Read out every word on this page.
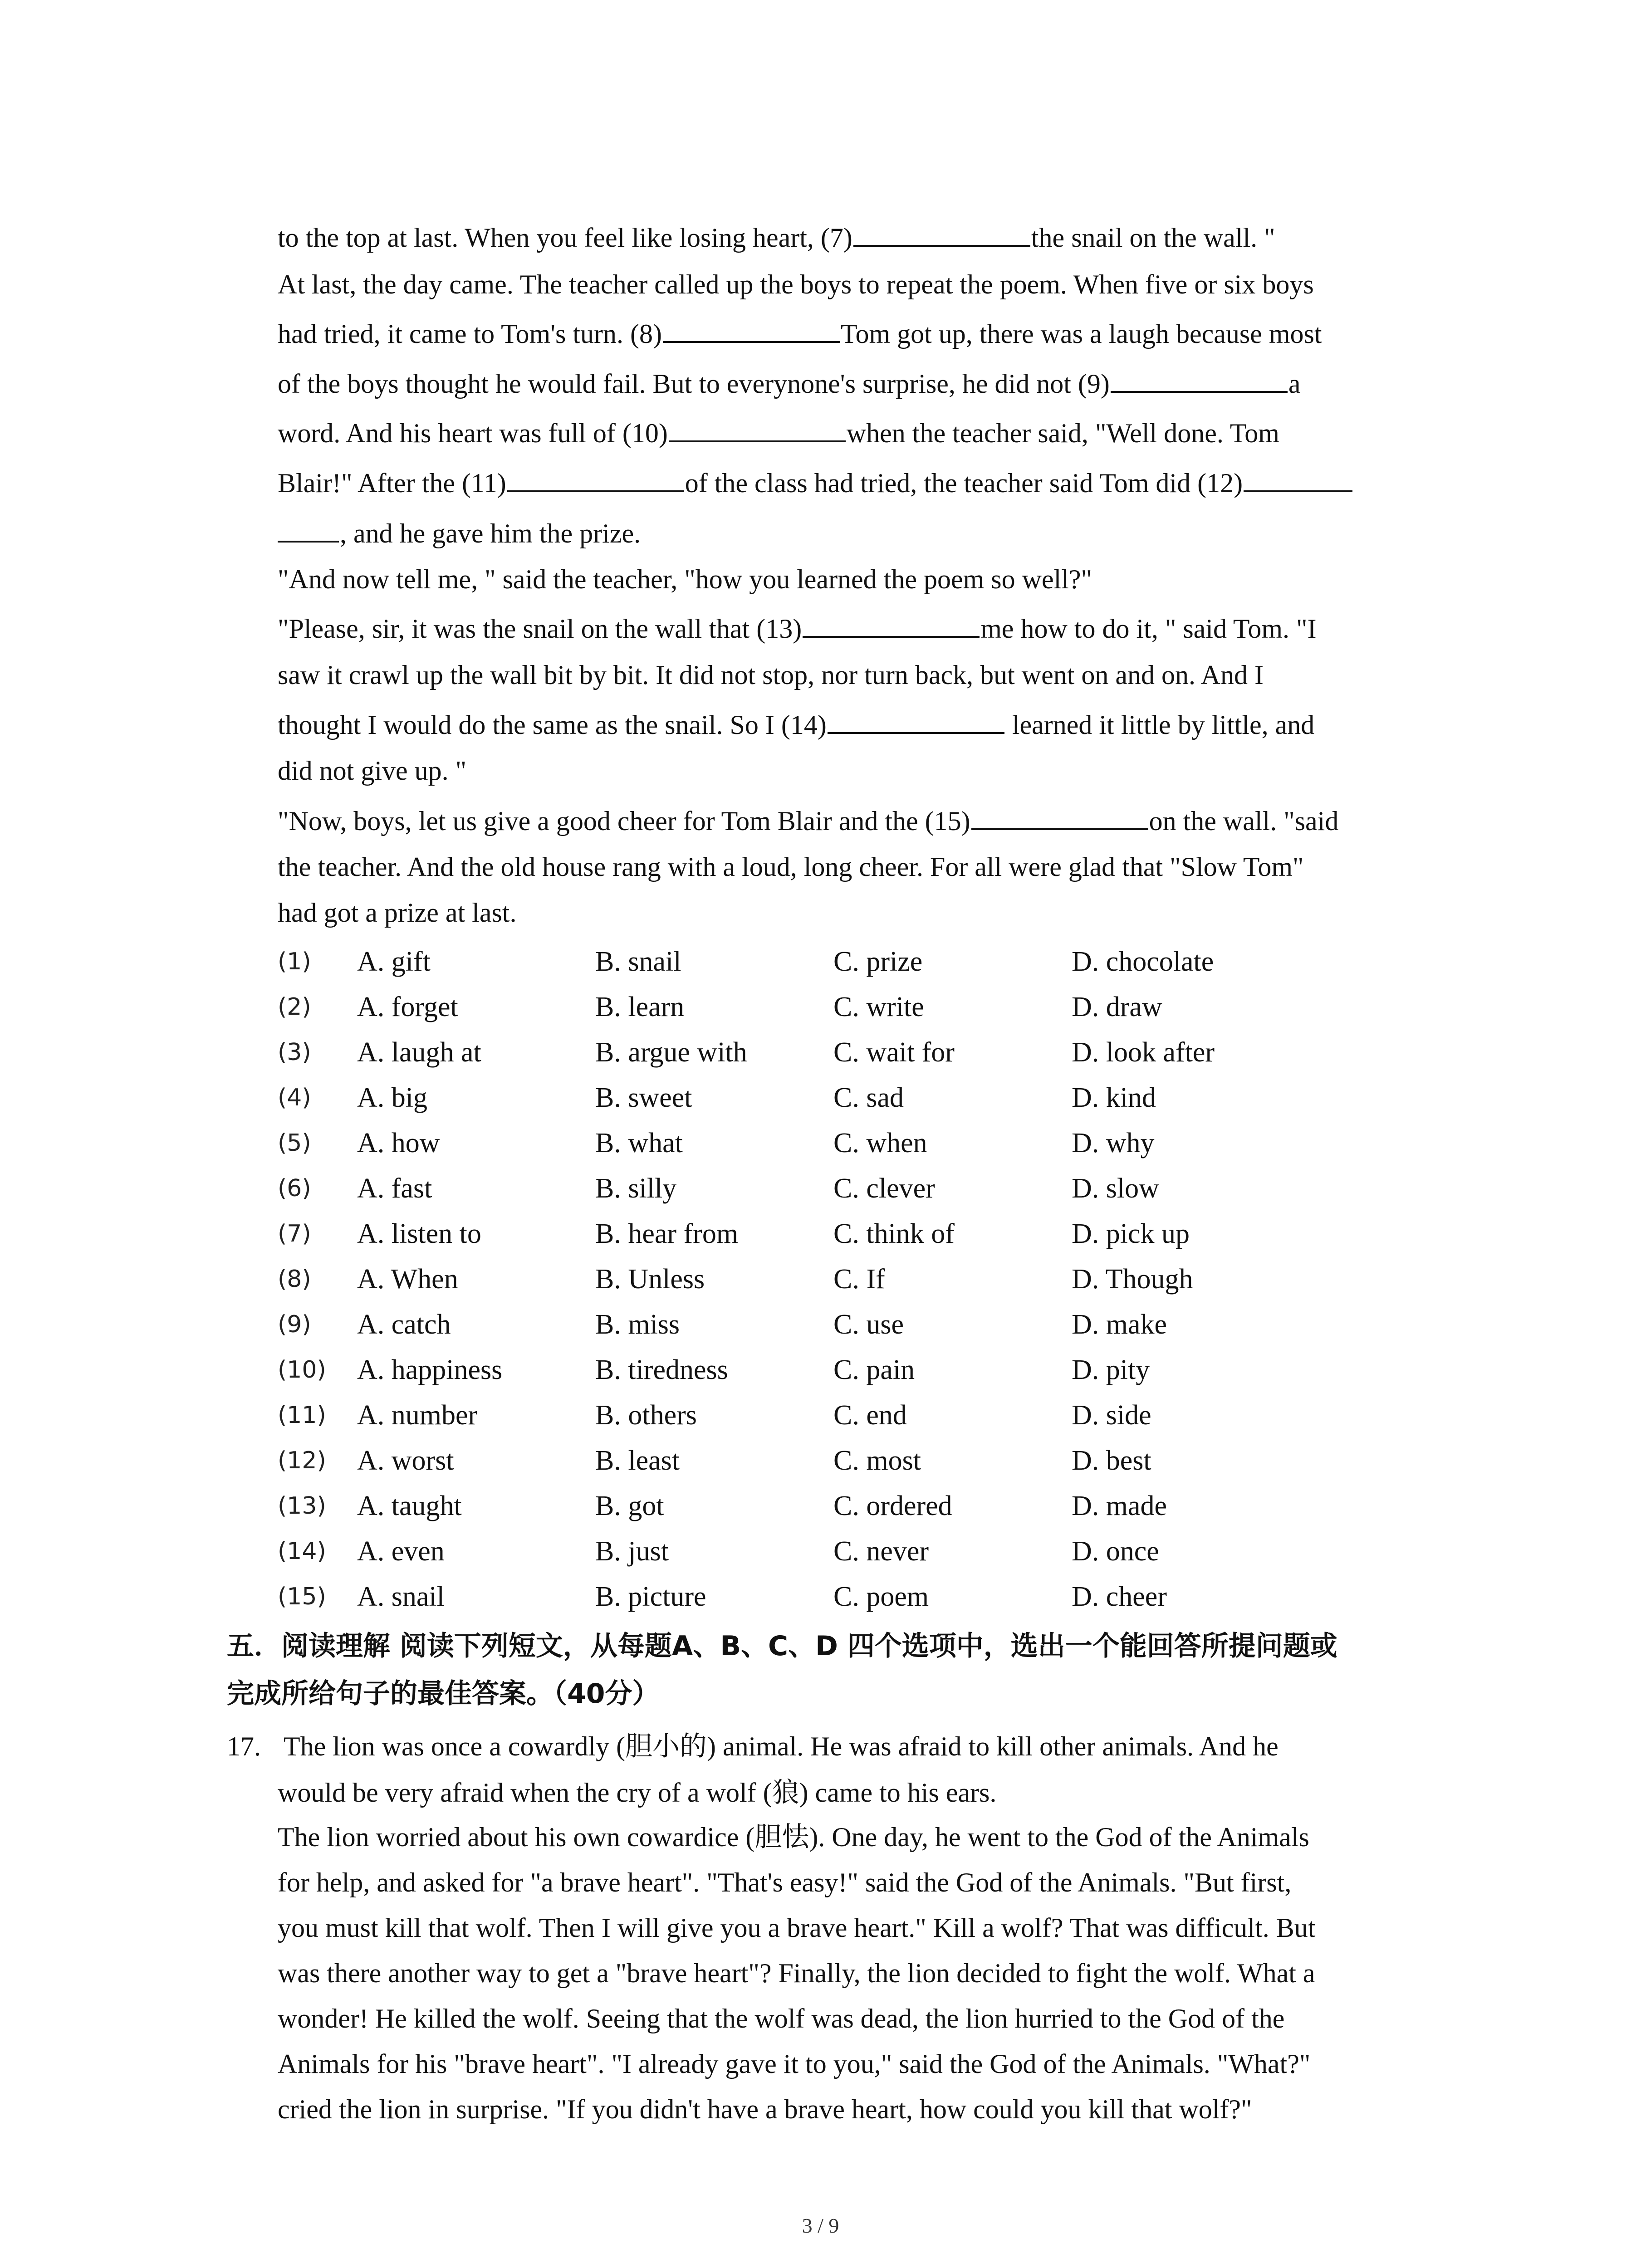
to the top at last. When you feel like losing heart, (7)	the snail on the wall. "
At last, the day came. The teacher called up the boys to repeat the poem. When five or six boys
had tried, it came to Tom's turn. (8)	Tom got up, there was a laugh because most
of the boys thought he would fail. But to everynone's surprise, he did not (9)	a
word. And his heart was full of (10)	when the teacher said, "Well done. Tom
Blair!" After the (11)	of the class had tried, the teacher said Tom did (12)
, and he gave him the prize.
"And now tell me, " said the teacher, "how you learned the poem so well?"
"Please, sir, it was the snail on the wall that (13)	me how to do it, " said Tom. "I
saw it crawl up the wall bit by bit. It did not stop, nor turn back, but went on and on. And I
thought I would do the same as the snail. So I (14)	learned it little by little, and
did not give up. "
"Now, boys, let us give a good cheer for Tom Blair and the (15)	on the wall. "said
the teacher. And the old house rang with a loud, long cheer. For all were glad that "Slow Tom"
had got a prize at last.
(1) A. gift	B. snail	C. prize	D. chocolate
(2) A. forget	B. learn	C. write	D. draw
(3) A. laugh at	B. argue with	C. wait for	D. look after
(4) A. big	B. sweet	C. sad	D. kind
(5) A. how	B. what	C. when	D. why
(6) A. fast	B. silly	C. clever	D. slow
(7) A. listen to	B. hear from	C. think of	D. pick up
(8) A. When	B. Unless	C. If	D. Though
(9) A. catch	B. miss	C. use	D. make
(10) A. happiness	B. tiredness	C. pain	D. pity
(11) A. number	B. others	C. end	D. side
(12) A. worst	B. least	C. most	D. best
(13) A. taught	B. got	C. ordered	D. made
(14) A. even	B. just	C. never	D. once
(15) A. snail	B. picture	C. poem	D. cheer
五．阅读理解 阅读下列短文，从每题A、B、C、D 四个选项中，选出一个能回答所提问题或
完成所给句子的最佳答案。（40分）
17. The lion was once a cowardly (胆小的) animal. He was afraid to kill other animals. And he
would be very afraid when the cry of a wolf (狼) came to his ears.
The lion worried about his own cowardice (胆怯). One day, he went to the God of the Animals
for help, and asked for "a brave heart". "That's easy!" said the God of the Animals. "But first,
you must kill that wolf. Then I will give you a brave heart." Kill a wolf? That was difficult. But
was there another way to get a "brave heart"? Finally, the lion decided to fight the wolf. What a
wonder! He killed the wolf. Seeing that the wolf was dead, the lion hurried to the God of the
Animals for his "brave heart". "I already gave it to you," said the God of the Animals. "What?"
cried the lion in surprise. "If you didn't have a brave heart, how could you kill that wolf?"
3 / 9
